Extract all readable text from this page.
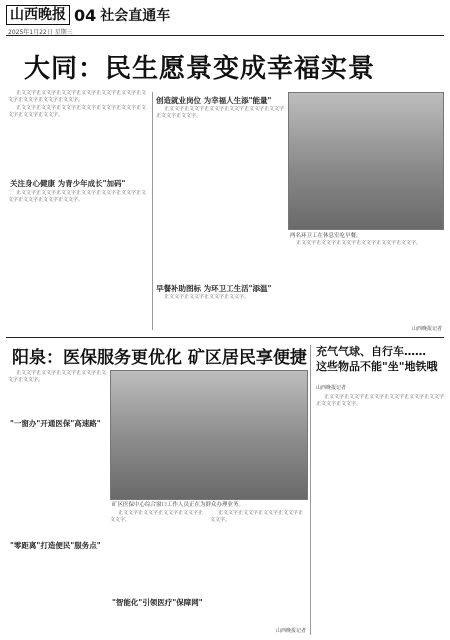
山西晚报 04 社会直通车
2025年1月22日 星期三
大同：民生愿景变成幸福实景

正文文字正文文字正文文字正文文字正文文字正文文字正文文字正文文字正文文字正文文字。

正文文字正文文字正文文字正文文字正文文字正文文字正文文字正文文字正文文字。

关注身心健康 为青少年成长"加码"

正文文字正文文字正文文字正文文字正文文字正文文字正文文字正文文字正文文字正文文字。

创造就业岗位 为幸福人生添"能量"

正文文字正文文字正文文字正文文字正文文字正文文字正文文字正文文字。

早餐补助图标 为环卫工生活"添温"

正文文字正文文字正文文字正文文字。

两名环卫工在休息室吃早餐。

正文文字正文文字正文文字正文文字正文文字正文文字。

山西晚报记者
阳泉：医保服务更优化 矿区居民享便捷

正文文字正文文字正文文字正文文字正文文字正文文字。

"一窗办"开通医保"高速路"
"零距离"打造便民"服务点"
矿区医保中心综合窗口工作人员正在为群众办理业务。

正文文字正文文字正文文字正文文字正文文字。

"智能化"引领医疗"保障网"

正文文字正文文字正文文字正文文字正文文字。

山西晚报记者
充气气球、自行车……
这些物品不能"坐"地铁哦
山西晚报记者

正文文字正文文字正文文字正文文字正文文字正文文字正文文字正文文字。
